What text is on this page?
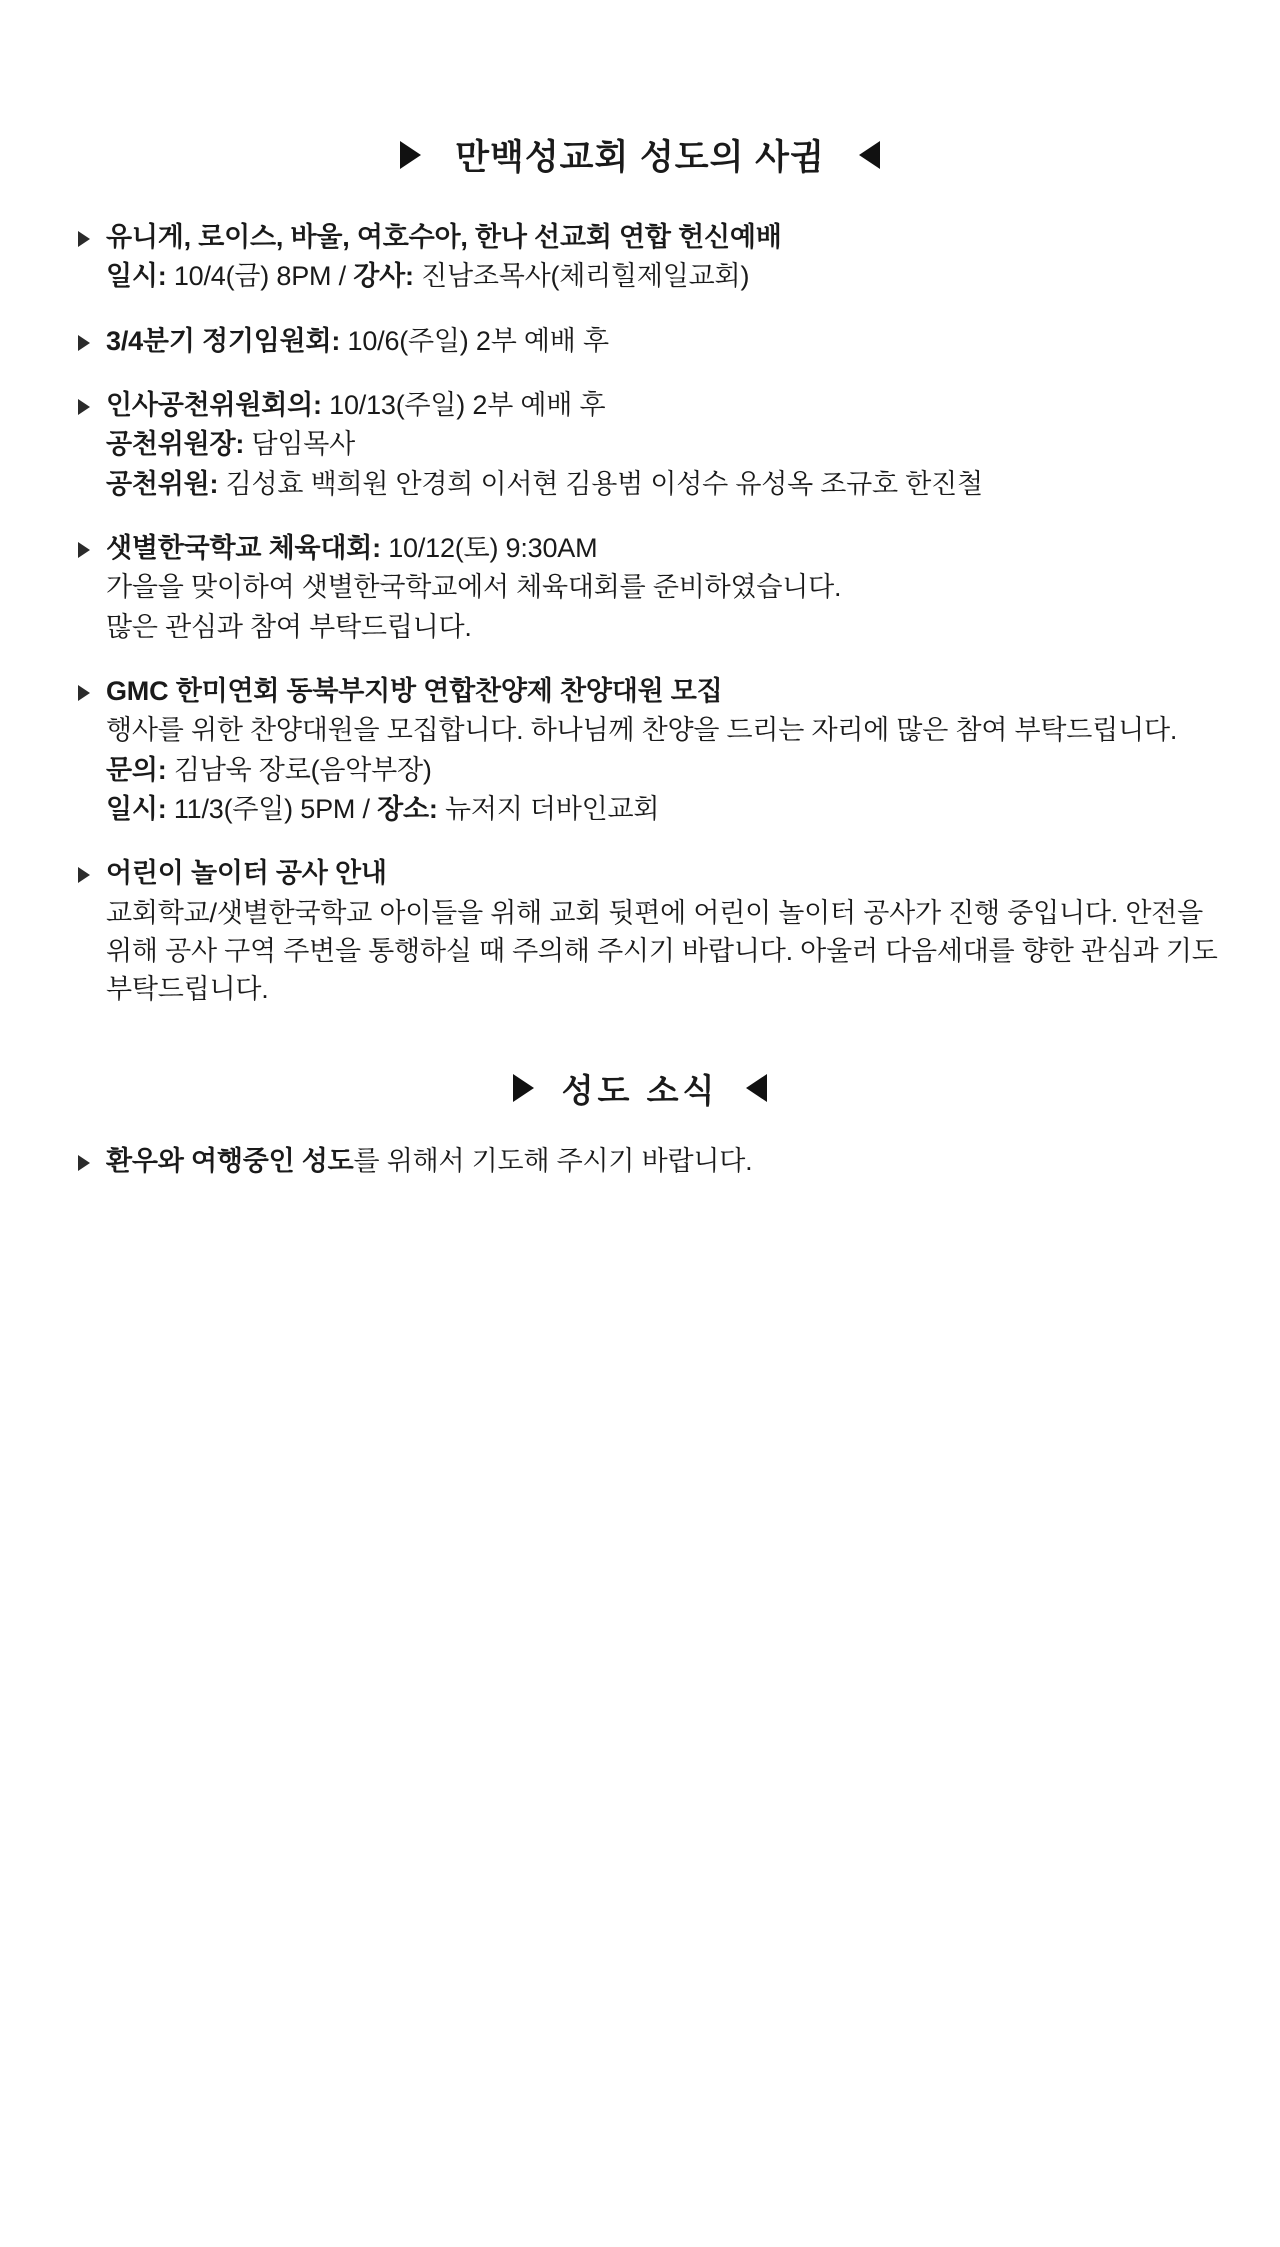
만백성교회 성도의 사귐
유니게, 로이스, 바울, 여호수아, 한나 선교회 연합 헌신예배
일시: 10/4(금) 8PM / 강사: 진남조목사(체리힐제일교회)
3/4분기 정기임원회: 10/6(주일) 2부 예배 후
인사공천위원회의: 10/13(주일) 2부 예배 후
공천위원장: 담임목사
공천위원: 김성효 백희원 안경희 이서현 김용범 이성수 유성옥 조규호 한진철
샛별한국학교 체육대회: 10/12(토) 9:30AM
가을을 맞이하여 샛별한국학교에서 체육대회를 준비하였습니다.
많은 관심과 참여 부탁드립니다.
GMC 한미연회 동북부지방 연합찬양제 찬양대원 모집
행사를 위한 찬양대원을 모집합니다. 하나님께 찬양을 드리는 자리에 많은 참여 부탁드립니다.
문의: 김남욱 장로(음악부장)
일시: 11/3(주일) 5PM / 장소: 뉴저지 더바인교회
어린이 놀이터 공사 안내
교회학교/샛별한국학교 아이들을 위해 교회 뒷편에 어린이 놀이터 공사가 진행 중입니다. 안전을 위해 공사 구역 주변을 통행하실 때 주의해 주시기 바랍니다. 아울러 다음세대를 향한 관심과 기도 부탁드립니다.
성도 소식
환우와 여행중인 성도를 위해서 기도해 주시기 바랍니다.
